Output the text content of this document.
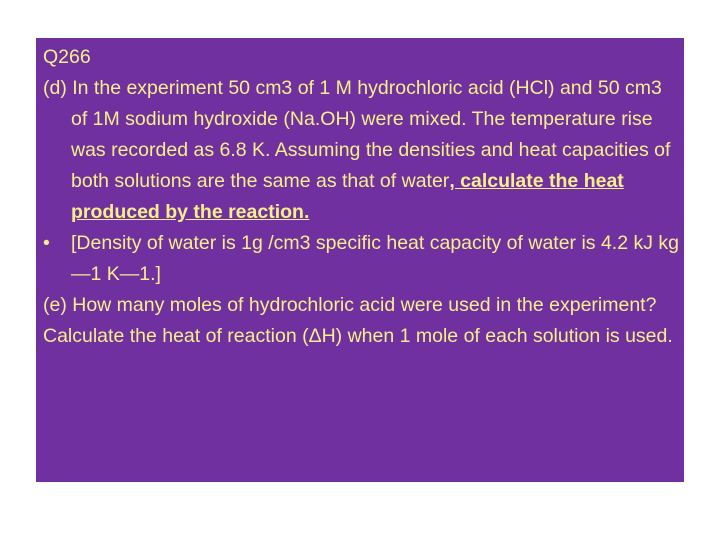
Q266

(d) In the experiment 50 cm3 of 1 M hydrochloric acid (HCl) and 50 cm3 of 1M sodium hydroxide (Na.OH) were mixed. The temperature rise was recorded as 6.8 K. Assuming the densities and heat capacities of both solutions are the same as that of water, calculate the heat produced by the reaction.

• [Density of water is 1g /cm3 specific heat capacity of water is 4.2 kJ kg—1 K—1.]

(e) How many moles of hydrochloric acid were used in the experiment?

Calculate the heat of reaction (ΔH) when 1 mole of each solution is used.
